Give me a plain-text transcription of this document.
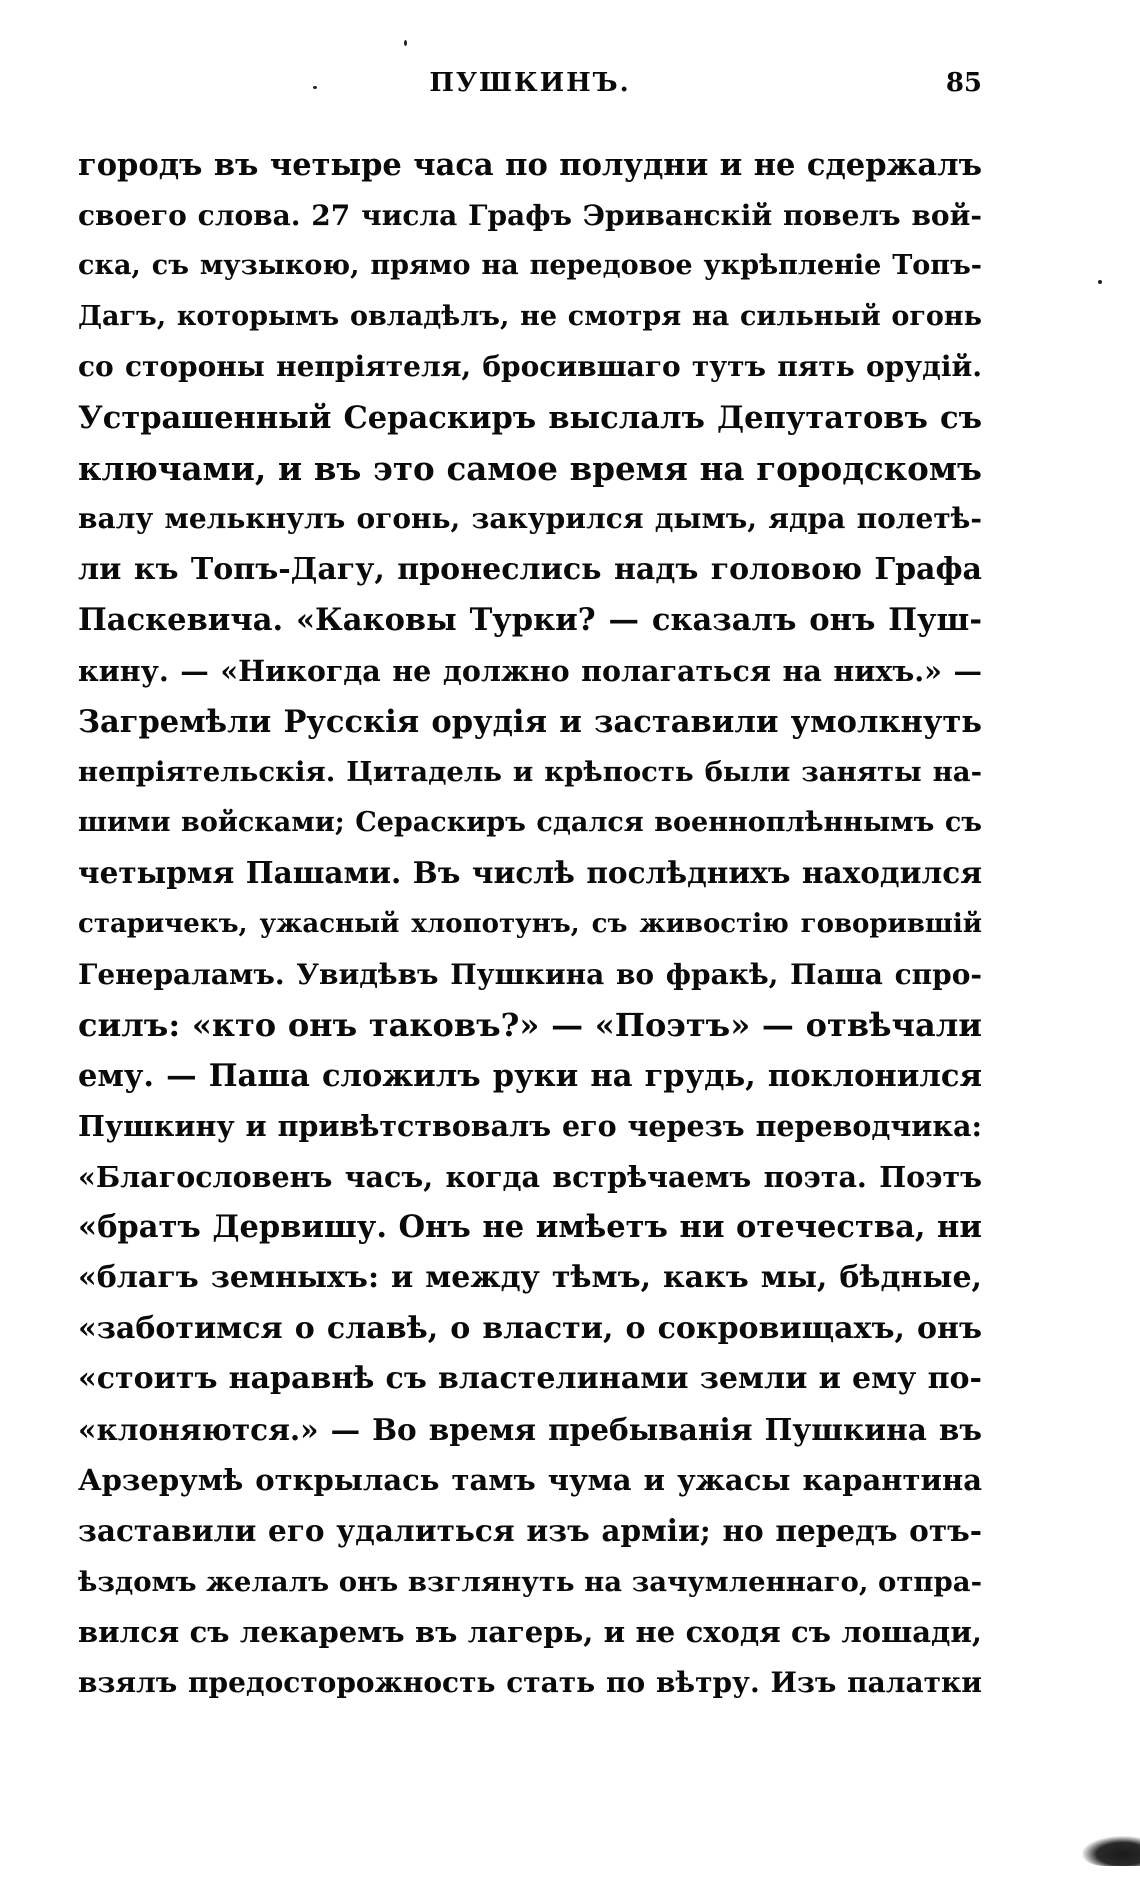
ПУШКИНЪ.	85
городъ въ четыре часа по полудни и не сдержалъ
своего слова. 27 числа Графъ Эриванскій повелъ вой-
ска, съ музыкою, прямо на передовое укрѣпленіе Топъ-
Дагъ, которымъ овладѣлъ, не смотря на сильный огонь
со стороны непріятеля, бросившаго тутъ пять орудій.
Устрашенный Сераскиръ выслалъ Депутатовъ съ
ключами, и въ это самое время на городскомъ
валу мелькнулъ огонь, закурился дымъ, ядра полетѣ-
ли къ Топъ-Дагу, пронеслись надъ головою Графа
Паскевича. «Каковы Турки? — сказалъ онъ Пуш-
кину. — «Никогда не должно полагаться на нихъ.» —
Загремѣли Русскія орудія и заставили умолкнуть
непріятельскія. Цитадель и крѣпость были заняты на-
шими войсками; Сераскиръ сдался военноплѣннымъ съ
четырмя Пашами. Въ числѣ послѣднихъ находился
старичекъ, ужасный хлопотунъ, съ живостію говорившій
Генераламъ. Увидѣвъ Пушкина во фракѣ, Паша спро-
силъ: «кто онъ таковъ?» — «Поэтъ» — отвѣчали
ему. — Паша сложилъ руки на грудь, поклонился
Пушкину и привѣтствовалъ его черезъ переводчика:
«Благословенъ часъ, когда встрѣчаемъ поэта. Поэтъ
«братъ Дервишу. Онъ не имѣетъ ни отечества, ни
«благъ земныхъ: и между тѣмъ, какъ мы, бѣдные,
«заботимся о славѣ, о власти, о сокровищахъ, онъ
«стоитъ наравнѣ съ властелинами земли и ему по-
«клоняются.» — Во время пребыванія Пушкина въ
Арзерумѣ открылась тамъ чума и ужасы карантина
заставили его удалиться изъ арміи; но передъ отъ-
ѣздомъ желалъ онъ взглянуть на зачумленнаго, отпра-
вился съ лекаремъ въ лагерь, и не сходя съ лошади,
взялъ предосторожность стать по вѣтру. Изъ палатки
